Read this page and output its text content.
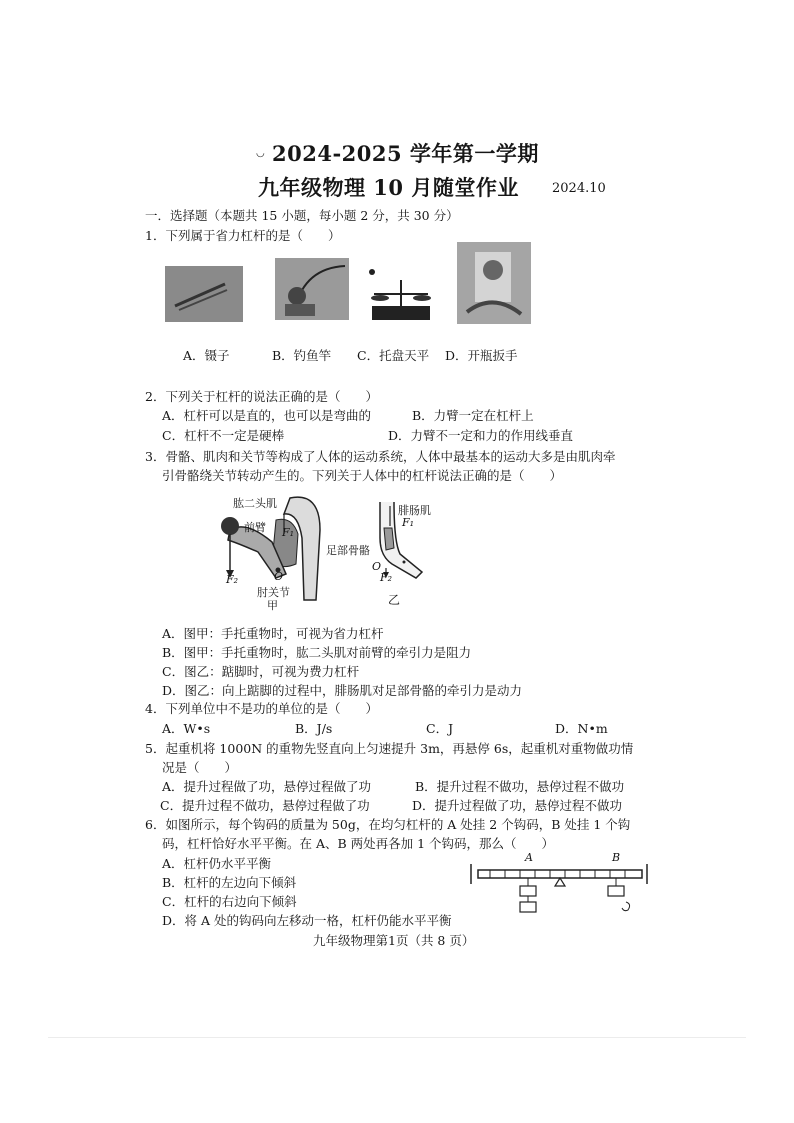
◡ 2024-2025 学年第一学期
九年级物理 10 月随堂作业	2024.10
一．选择题（本题共 15 小题，每小题 2 分，共 30 分）
1．下列属于省力杠杆的是（　　）
A．镊子	B．钓鱼竿 C．托盘天平 D．开瓶扳手
2．下列关于杠杆的说法正确的是（　　）
A．杠杆可以是直的，也可以是弯曲的	B．力臂一定在杠杆上
C．杠杆不一定是硬棒	D．力臂不一定和力的作用线垂直
3．骨骼、肌肉和关节等构成了人体的运动系统，人体中最基本的运动大多是由肌肉牵
引骨骼绕关节转动产生的。下列关于人体中的杠杆说法正确的是（　　）
肱二头肌
前臂 F₁
F₂	O
肘关节
甲
腓肠肌
F₁
足部骨骼
O
F₂
乙
A．图甲：手托重物时，可视为省力杠杆
B．图甲：手托重物时，肱二头肌对前臂的牵引力是阻力
C．图乙：踮脚时，可视为费力杠杆
D．图乙：向上踮脚的过程中，腓肠肌对足部骨骼的牵引力是动力
4．下列单位中不是功的单位的是（　　）
A．W•s	B．J/s	C．J	D．N•m
5．起重机将 1000N 的重物先竖直向上匀速提升 3m，再悬停 6s，起重机对重物做功情
况是（　　）
A．提升过程做了功，悬停过程做了功	B．提升过程不做功，悬停过程不做功
C．提升过程不做功，悬停过程做了功	D．提升过程做了功，悬停过程不做功
6．如图所示，每个钩码的质量为 50g，在均匀杠杆的 A 处挂 2 个钩码，B 处挂 1 个钩
码，杠杆恰好水平平衡。在 A、B 两处再各加 1 个钩码，那么（　　）
A．杠杆仍水平平衡
B．杠杆的左边向下倾斜
C．杠杆的右边向下倾斜
D．将 A 处的钩码向左移动一格，杠杆仍能水平平衡
A	B
九年级物理第1页（共 8 页）
